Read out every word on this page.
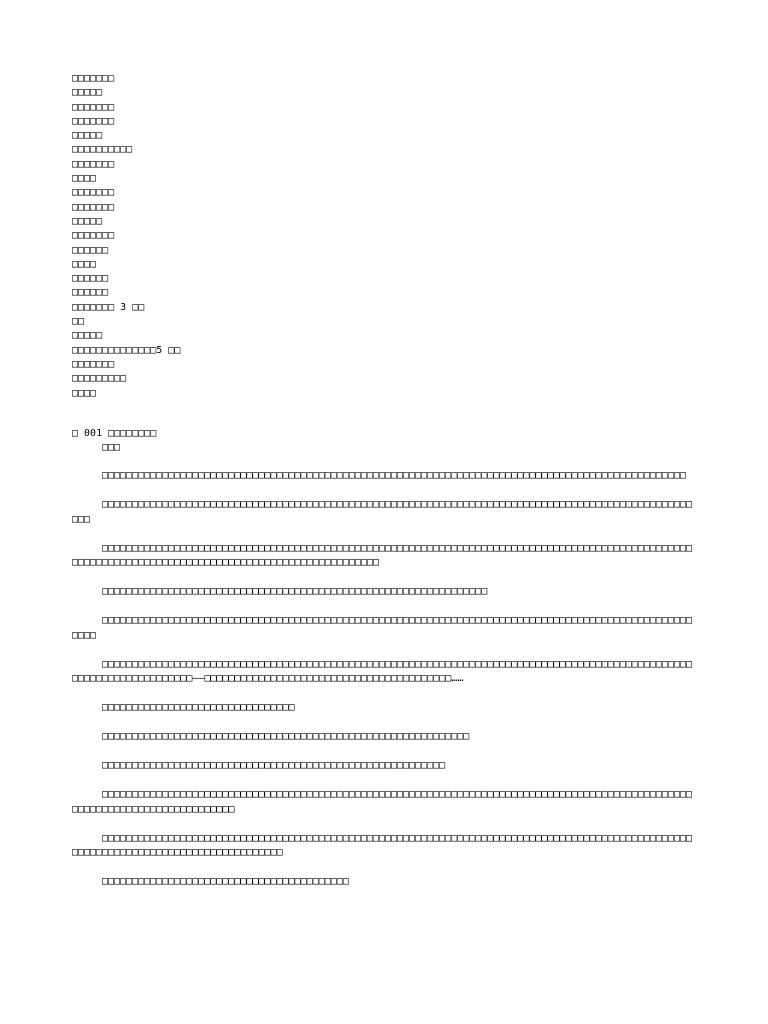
□□□□□□□
□□□□□
□□□□□□□
□□□□□□□
□□□□□
□□□□□□□□□□
□□□□□□□
□□□□
□□□□□□□
□□□□□□□
□□□□□
□□□□□□□
□□□□□□
□□□□
□□□□□□
□□□□□□
□□□□□□□ 3 □□
□□
□□□□□
□□□□□□□□□□□□□□5 □□
□□□□□□□
□□□□□□□□□
□□□□
□ 001 □□□□□□□□
□□□

□□□□□□□□□□□□□□□□□□□□□□□□□□□□□□□□□□□□□□□□□□□□□□□□□□□□□□□□□□□□□□□□□□□□□□□□□□□□□□□□□□□□□□□□□□□□□□□□□

□□□□□□□□□□□□□□□□□□□□□□□□□□□□□□□□□□□□□□□□□□□□□□□□□□□□□□□□□□□□□□□□□□□□□□□□□□□□□□□□□□□□□□□□□□□□□□□□□□□□□

□□□□□□□□□□□□□□□□□□□□□□□□□□□□□□□□□□□□□□□□□□□□□□□□□□□□□□□□□□□□□□□□□□□□□□□□□□□□□□□□□□□□□□□□□□□□□□□□□□□□□□□□□□□□□□□□□□□□□□□□□□□□□□□□□□□□□□□□□□□□□□□□□□□□□

□□□□□□□□□□□□□□□□□□□□□□□□□□□□□□□□□□□□□□□□□□□□□□□□□□□□□□□□□□□□□□□□

□□□□□□□□□□□□□□□□□□□□□□□□□□□□□□□□□□□□□□□□□□□□□□□□□□□□□□□□□□□□□□□□□□□□□□□□□□□□□□□□□□□□□□□□□□□□□□□□□□□□□□

□□□□□□□□□□□□□□□□□□□□□□□□□□□□□□□□□□□□□□□□□□□□□□□□□□□□□□□□□□□□□□□□□□□□□□□□□□□□□□□□□□□□□□□□□□□□□□□□□□□□□□□□□□□□□□□□□□□□□□——□□□□□□□□□□□□□□□□□□□□□□□□□□□□□□□□□□□□□□□□□……

□□□□□□□□□□□□□□□□□□□□□□□□□□□□□□□□

□□□□□□□□□□□□□□□□□□□□□□□□□□□□□□□□□□□□□□□□□□□□□□□□□□□□□□□□□□□□□

□□□□□□□□□□□□□□□□□□□□□□□□□□□□□□□□□□□□□□□□□□□□□□□□□□□□□□□□□

□□□□□□□□□□□□□□□□□□□□□□□□□□□□□□□□□□□□□□□□□□□□□□□□□□□□□□□□□□□□□□□□□□□□□□□□□□□□□□□□□□□□□□□□□□□□□□□□□□□□□□□□□□□□□□□□□□□□□□□□□□□□□

□□□□□□□□□□□□□□□□□□□□□□□□□□□□□□□□□□□□□□□□□□□□□□□□□□□□□□□□□□□□□□□□□□□□□□□□□□□□□□□□□□□□□□□□□□□□□□□□□□□□□□□□□□□□□□□□□□□□□□□□□□□□□□□□□□□□□

□□□□□□□□□□□□□□□□□□□□□□□□□□□□□□□□□□□□□□□□□
